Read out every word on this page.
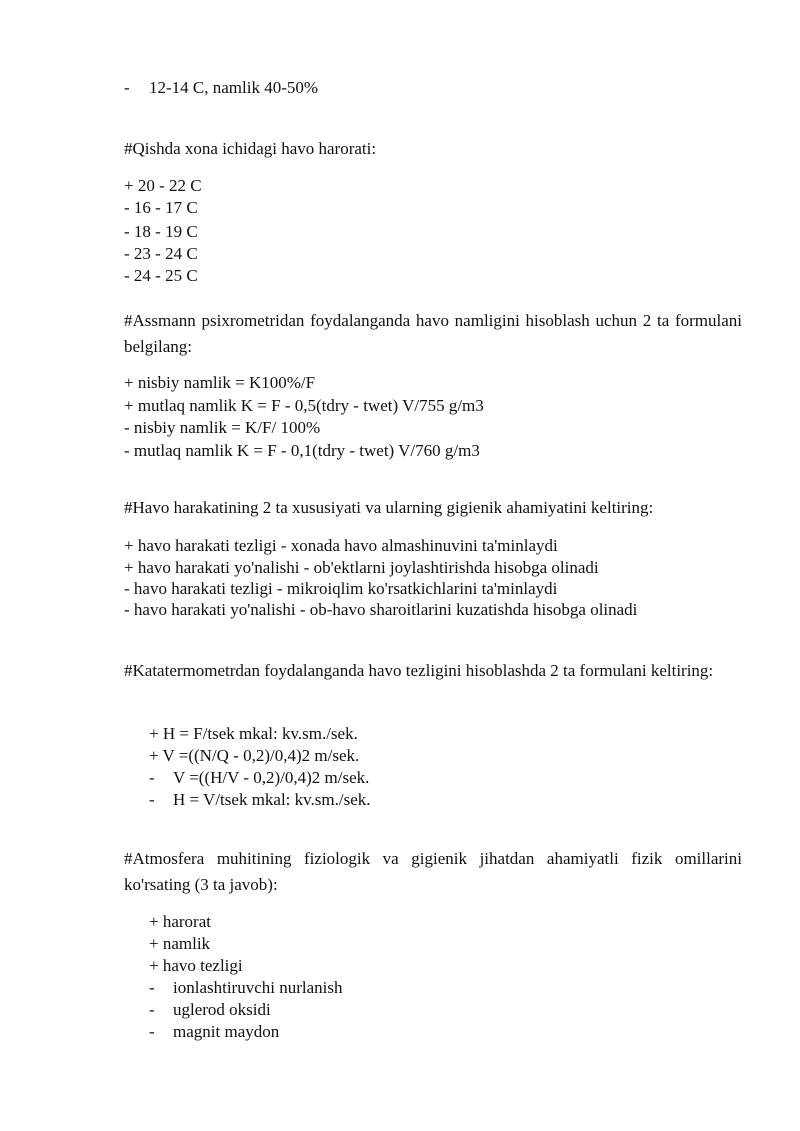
- 12-14 C, namlik 40-50%
#Qishda xona ichidagi havo harorati:
+ 20 - 22 C
- 16 - 17 C
- 18 - 19 C
- 23 - 24 C
- 24 - 25 C
#Assmann psixrometridan foydalanganda havo namligini hisoblash uchun 2 ta formulani belgilang:
+ nisbiy namlik = K100%/F
+ mutlaq namlik K = F - 0,5(tdry - twet) V/755 g/m3
- nisbiy namlik = K/F/ 100%
- mutlaq namlik K = F - 0,1(tdry - twet) V/760 g/m3
#Havo harakatining 2 ta xususiyati va ularning gigienik ahamiyatini keltiring:
+ havo harakati tezligi - xonada havo almashinuvini ta'minlaydi
+ havo harakati yo'nalishi - ob'ektlarni joylashtirishda hisobga olinadi
- havo harakati tezligi - mikroiqlim ko'rsatkichlarini ta'minlaydi
- havo harakati yo'nalishi - ob-havo sharoitlarini kuzatishda hisobga olinadi
#Katatermometrdan foydalanganda havo tezligini hisoblashda 2 ta formulani keltiring:
+ H = F/tsek mkal: kv.sm./sek.
+ V =((N/Q - 0,2)/0,4)2 m/sek.
- V =((H/V - 0,2)/0,4)2 m/sek.
- H = V/tsek mkal: kv.sm./sek.
#Atmosfera muhitining fiziologik va gigienik jihatdan ahamiyatli fizik omillarini ko'rsating (3 ta javob):
+ harorat
+ namlik
+ havo tezligi
- ionlashtiruvchi nurlanish
- uglerod oksidi
- magnit maydon
